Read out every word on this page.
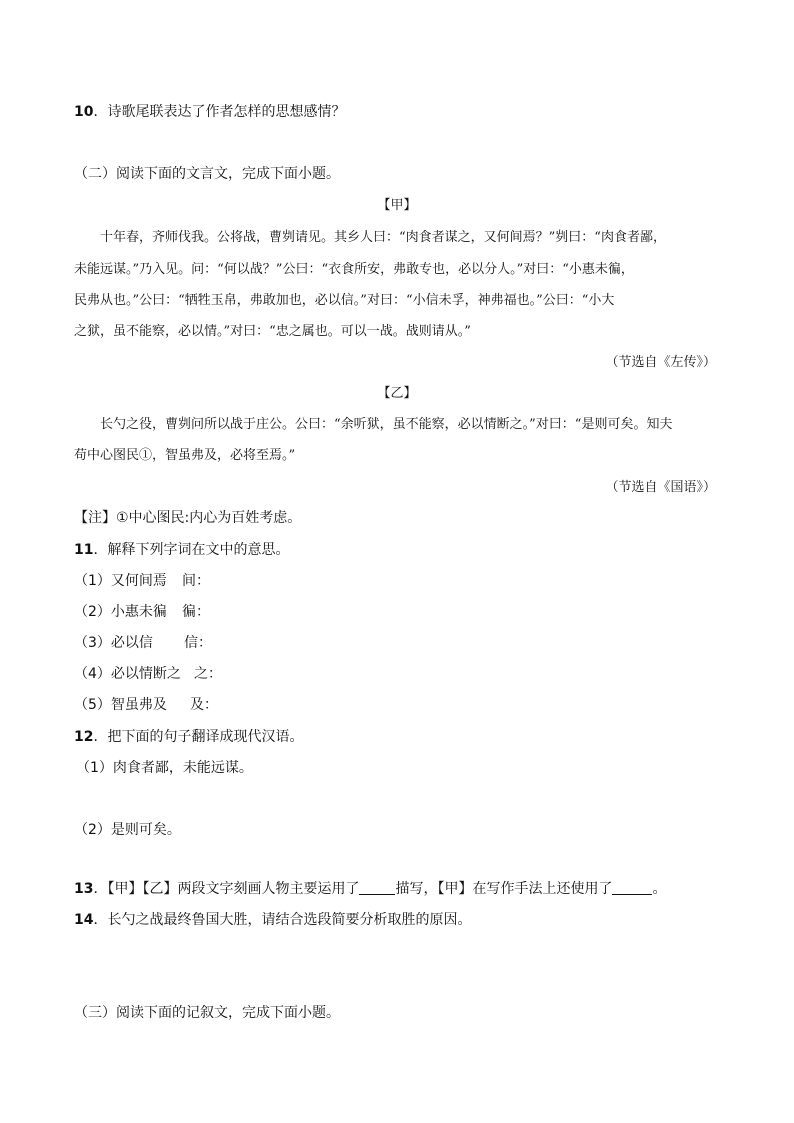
10．诗歌尾联表达了作者怎样的思想感情？
（二）阅读下面的文言文，完成下面小题。
【甲】
十年春，齐师伐我。公将战，曹刿请见。其乡人曰：“肉食者谋之，又何间焉？”刿曰：“肉食者鄙，
未能远谋。”乃入见。问：“何以战？”公曰：“衣食所安，弗敢专也，必以分人。”对曰：“小惠未徧，
民弗从也。”公曰：“牺牲玉帛，弗敢加也，必以信。”对曰：“小信未孚，神弗福也。”公曰：“小大
之狱，虽不能察，必以情。”对曰：“忠之属也。可以一战。战则请从。”
（节选自《左传》）
【乙】
长勺之役，曹刿问所以战于庄公。公曰：“余听狱，虽不能察，必以情断之。”对曰：“是则可矣。知夫
苟中心图民①，智虽弗及，必将至焉。”
（节选自《国语》）
【注】①中心图民:内心为百姓考虑。
11．解释下列字词在文中的意思。
（1）又何间焉 间：
（2）小惠未徧 徧：
（3）必以信 信：
（4）必以情断之 之：
（5）智虽弗及 及：
12．把下面的句子翻译成现代汉语。
（1）肉食者鄙，未能远谋。
（2）是则可矣。
13．【甲】【乙】两段文字刻画人物主要运用了	描写，【甲】在写作手法上还使用了	。
14．长勺之战最终鲁国大胜，请结合选段简要分析取胜的原因。
（三）阅读下面的记叙文，完成下面小题。
